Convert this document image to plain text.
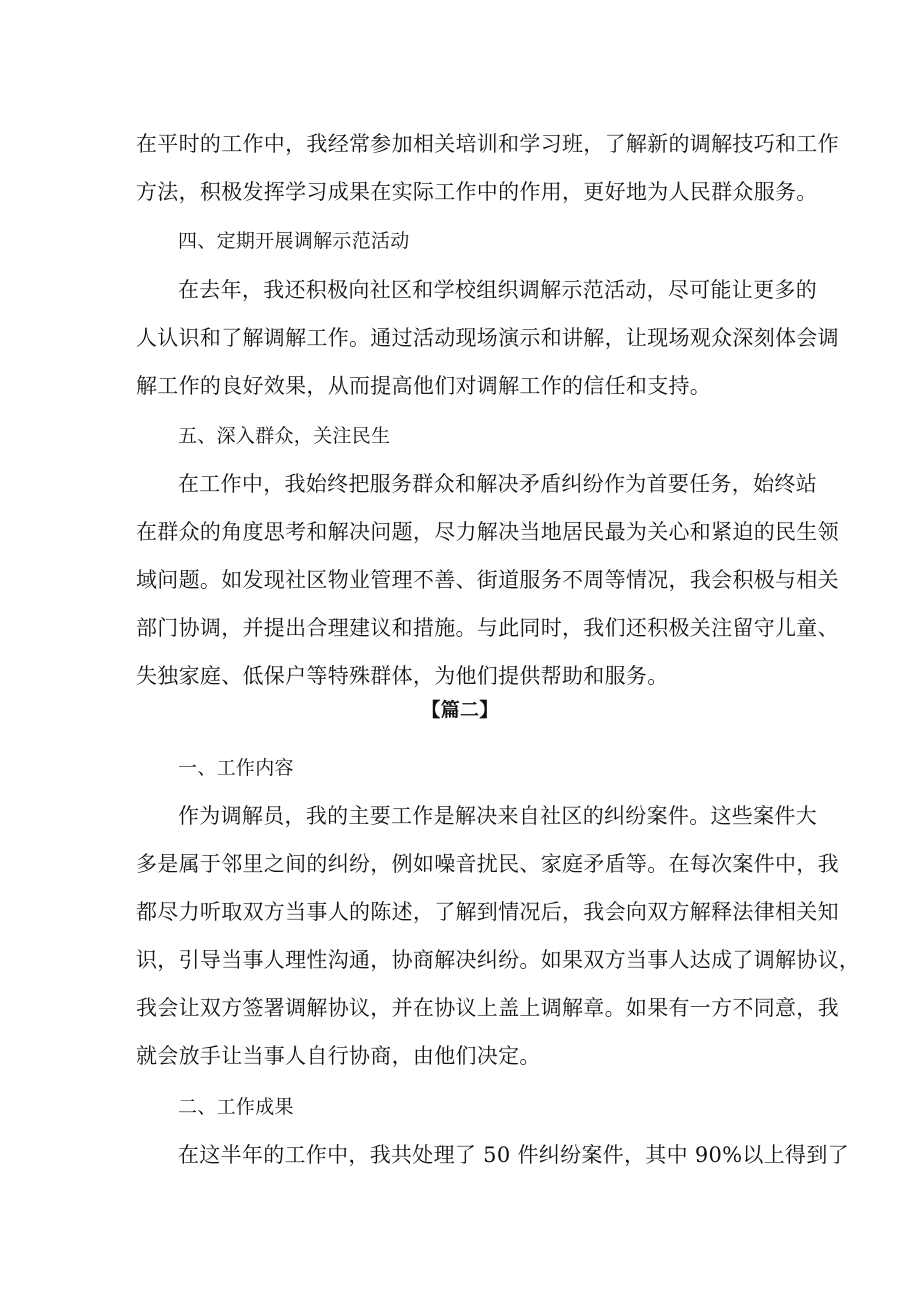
在平时的工作中，我经常参加相关培训和学习班，了解新的调解技巧和工作
方法，积极发挥学习成果在实际工作中的作用，更好地为人民群众服务。
四、定期开展调解示范活动
在去年，我还积极向社区和学校组织调解示范活动，尽可能让更多的
人认识和了解调解工作。通过活动现场演示和讲解，让现场观众深刻体会调
解工作的良好效果，从而提高他们对调解工作的信任和支持。
五、深入群众，关注民生
在工作中，我始终把服务群众和解决矛盾纠纷作为首要任务，始终站
在群众的角度思考和解决问题，尽力解决当地居民最为关心和紧迫的民生领
域问题。如发现社区物业管理不善、街道服务不周等情况，我会积极与相关
部门协调，并提出合理建议和措施。与此同时，我们还积极关注留守儿童、
失独家庭、低保户等特殊群体，为他们提供帮助和服务。
【篇二】
一、工作内容
作为调解员，我的主要工作是解决来自社区的纠纷案件。这些案件大
多是属于邻里之间的纠纷，例如噪音扰民、家庭矛盾等。在每次案件中，我
都尽力听取双方当事人的陈述，了解到情况后，我会向双方解释法律相关知
识，引导当事人理性沟通，协商解决纠纷。如果双方当事人达成了调解协议，
我会让双方签署调解协议，并在协议上盖上调解章。如果有一方不同意，我
就会放手让当事人自行协商，由他们决定。
二、工作成果
在这半年的工作中，我共处理了 50 件纠纷案件，其中 90%以上得到了
